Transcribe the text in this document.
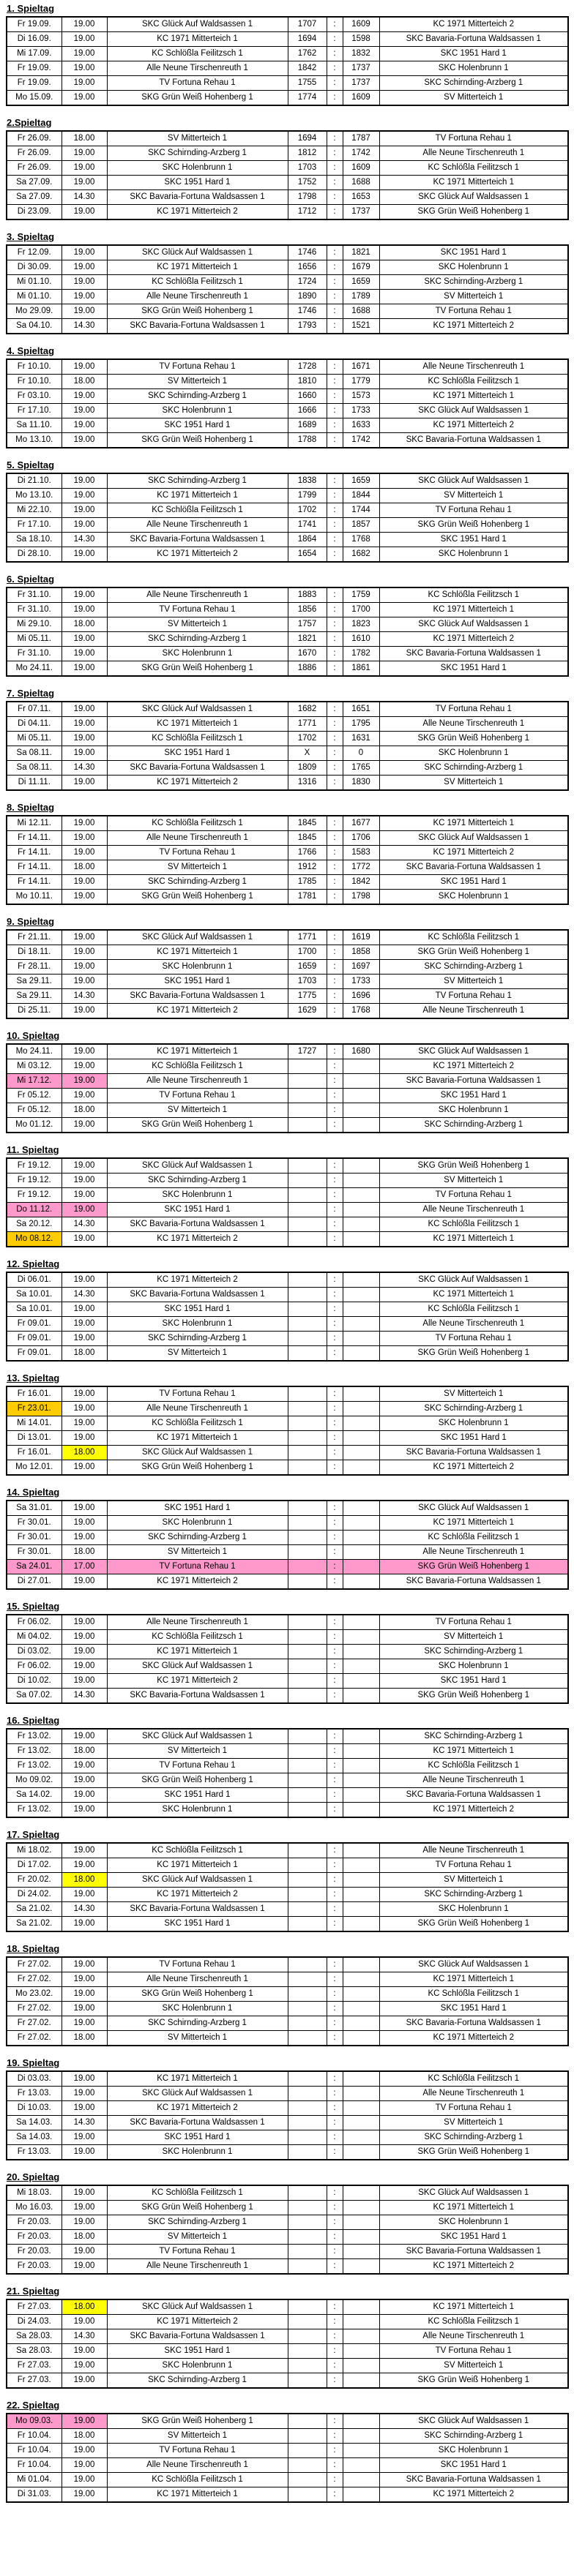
1. Spieltag
Fr 19.09.	19.00	SKC Glück Auf Waldsassen 1	1707	:	1609	KC 1971 Mitterteich 2
Di 16.09.	19.00	KC 1971 Mitterteich 1	1694	:	1598	SKC Bavaria-Fortuna Waldsassen 1
Mi 17.09.	19.00	KC Schlößla Feilitzsch 1	1762	:	1832	SKC 1951 Hard 1
Fr 19.09.	19.00	Alle Neune Tirschenreuth 1	1842	:	1737	SKC Holenbrunn 1
Fr 19.09.	19.00	TV Fortuna Rehau 1	1755	:	1737	SKC Schirnding-Arzberg 1
Mo 15.09.	19.00	SKG Grün Weiß Hohenberg 1	1774	:	1609	SV Mitterteich 1
2.Spieltag
Fr 26.09.	18.00	SV Mitterteich 1	1694	:	1787	TV Fortuna Rehau 1
Fr 26.09.	19.00	SKC Schirnding-Arzberg 1	1812	:	1742	Alle Neune Tirschenreuth 1
Fr 26.09.	19.00	SKC Holenbrunn 1	1703	:	1609	KC Schlößla Feilitzsch 1
Sa 27.09.	19.00	SKC 1951 Hard 1	1752	:	1688	KC 1971 Mitterteich 1
Sa 27.09.	14.30	SKC Bavaria-Fortuna Waldsassen 1	1798	:	1653	SKC Glück Auf Waldsassen 1
Di 23.09.	19.00	KC 1971 Mitterteich 2	1712	:	1737	SKG Grün Weiß Hohenberg 1
3. Spieltag
Fr 12.09.	19.00	SKC Glück Auf Waldsassen 1	1746	:	1821	SKC 1951 Hard 1
Di 30.09.	19.00	KC 1971 Mitterteich 1	1656	:	1679	SKC Holenbrunn 1
Mi 01.10.	19.00	KC Schlößla Feilitzsch 1	1724	:	1659	SKC Schirnding-Arzberg 1
Mi 01.10.	19.00	Alle Neune Tirschenreuth 1	1890	:	1789	SV Mitterteich 1
Mo 29.09.	19.00	SKG Grün Weiß Hohenberg 1	1746	:	1688	TV Fortuna Rehau 1
Sa 04.10.	14.30	SKC Bavaria-Fortuna Waldsassen 1	1793	:	1521	KC 1971 Mitterteich 2
4. Spieltag
Fr 10.10.	19.00	TV Fortuna Rehau 1	1728	:	1671	Alle Neune Tirschenreuth 1
Fr 10.10.	18.00	SV Mitterteich 1	1810	:	1779	KC Schlößla Feilitzsch 1
Fr 03.10.	19.00	SKC Schirnding-Arzberg 1	1660	:	1573	KC 1971 Mitterteich 1
Fr 17.10.	19.00	SKC Holenbrunn 1	1666	:	1733	SKC Glück Auf Waldsassen 1
Sa 11.10.	19.00	SKC 1951 Hard 1	1689	:	1633	KC 1971 Mitterteich 2
Mo 13.10.	19.00	SKG Grün Weiß Hohenberg 1	1788	:	1742	SKC Bavaria-Fortuna Waldsassen 1
5. Spieltag
Di 21.10.	19.00	SKC Schirnding-Arzberg 1	1838	:	1659	SKC Glück Auf Waldsassen 1
Mo 13.10.	19.00	KC 1971 Mitterteich 1	1799	:	1844	SV Mitterteich 1
Mi 22.10.	19.00	KC Schlößla Feilitzsch 1	1702	:	1744	TV Fortuna Rehau 1
Fr 17.10.	19.00	Alle Neune Tirschenreuth 1	1741	:	1857	SKG Grün Weiß Hohenberg 1
Sa 18.10.	14.30	SKC Bavaria-Fortuna Waldsassen 1	1864	:	1768	SKC 1951 Hard 1
Di 28.10.	19.00	KC 1971 Mitterteich 2	1654	:	1682	SKC Holenbrunn 1
6. Spieltag
Fr 31.10.	19.00	Alle Neune Tirschenreuth 1	1883	:	1759	KC Schlößla Feilitzsch 1
Fr 31.10.	19.00	TV Fortuna Rehau 1	1856	:	1700	KC 1971 Mitterteich 1
Mi 29.10.	18.00	SV Mitterteich 1	1757	:	1823	SKC Glück Auf Waldsassen 1
Mi 05.11.	19.00	SKC Schirnding-Arzberg 1	1821	:	1610	KC 1971 Mitterteich 2
Fr 31.10.	19.00	SKC Holenbrunn 1	1670	:	1782	SKC Bavaria-Fortuna Waldsassen 1
Mo 24.11.	19.00	SKG Grün Weiß Hohenberg 1	1886	:	1861	SKC 1951 Hard 1
7. Spieltag
Fr 07.11.	19.00	SKC Glück Auf Waldsassen 1	1682	:	1651	TV Fortuna Rehau 1
Di 04.11.	19.00	KC 1971 Mitterteich 1	1771	:	1795	Alle Neune Tirschenreuth 1
Mi 05.11.	19.00	KC Schlößla Feilitzsch 1	1702	:	1631	SKG Grün Weiß Hohenberg 1
Sa 08.11.	19.00	SKC 1951 Hard 1	X	:	0	SKC Holenbrunn 1
Sa 08.11.	14.30	SKC Bavaria-Fortuna Waldsassen 1	1809	:	1765	SKC Schirnding-Arzberg 1
Di 11.11.	19.00	KC 1971 Mitterteich 2	1316	:	1830	SV Mitterteich 1
8. Spieltag
Mi 12.11.	19.00	KC Schlößla Feilitzsch 1	1845	:	1677	KC 1971 Mitterteich 1
Fr 14.11.	19.00	Alle Neune Tirschenreuth 1	1845	:	1706	SKC Glück Auf Waldsassen 1
Fr 14.11.	19.00	TV Fortuna Rehau 1	1766	:	1583	KC 1971 Mitterteich 2
Fr 14.11.	18.00	SV Mitterteich 1	1912	:	1772	SKC Bavaria-Fortuna Waldsassen 1
Fr 14.11.	19.00	SKC Schirnding-Arzberg 1	1785	:	1842	SKC 1951 Hard 1
Mo 10.11.	19.00	SKG Grün Weiß Hohenberg 1	1781	:	1798	SKC Holenbrunn 1
9. Spieltag
Fr 21.11.	19.00	SKC Glück Auf Waldsassen 1	1771	:	1619	KC Schlößla Feilitzsch 1
Di 18.11.	19.00	KC 1971 Mitterteich 1	1700	:	1858	SKG Grün Weiß Hohenberg 1
Fr 28.11.	19.00	SKC Holenbrunn 1	1659	:	1697	SKC Schirnding-Arzberg 1
Sa 29.11.	19.00	SKC 1951 Hard 1	1703	:	1733	SV Mitterteich 1
Sa 29.11.	14.30	SKC Bavaria-Fortuna Waldsassen 1	1775	:	1696	TV Fortuna Rehau 1
Di 25.11.	19.00	KC 1971 Mitterteich 2	1629	:	1768	Alle Neune Tirschenreuth 1
10. Spieltag
Mo 24.11.	19.00	KC 1971 Mitterteich 1	1727	:	1680	SKC Glück Auf Waldsassen 1
Mi 03.12.	19.00	KC Schlößla Feilitzsch 1		:		KC 1971 Mitterteich 2
Mi 17.12.	19.00	Alle Neune Tirschenreuth 1		:		SKC Bavaria-Fortuna Waldsassen 1
Fr 05.12.	19.00	TV Fortuna Rehau 1		:		SKC 1951 Hard 1
Fr 05.12.	18.00	SV Mitterteich 1		:		SKC Holenbrunn 1
Mo 01.12.	19.00	SKG Grün Weiß Hohenberg 1		:		SKC Schirnding-Arzberg 1
11. Spieltag
Fr 19.12.	19.00	SKC Glück Auf Waldsassen 1		:		SKG Grün Weiß Hohenberg 1
Fr 19.12.	19.00	SKC Schirnding-Arzberg 1		:		SV Mitterteich 1
Fr 19.12.	19.00	SKC Holenbrunn 1		:		TV Fortuna Rehau 1
Do 11.12.	19.00	SKC 1951 Hard 1		:		Alle Neune Tirschenreuth 1
Sa 20.12.	14.30	SKC Bavaria-Fortuna Waldsassen 1		:		KC Schlößla Feilitzsch 1
Mo 08.12.	19.00	KC 1971 Mitterteich 2		:		KC 1971 Mitterteich 1
12. Spieltag
Di 06.01.	19.00	KC 1971 Mitterteich 2		:		SKC Glück Auf Waldsassen 1
Sa 10.01.	14.30	SKC Bavaria-Fortuna Waldsassen 1		:		KC 1971 Mitterteich 1
Sa 10.01.	19.00	SKC 1951 Hard 1		:		KC Schlößla Feilitzsch 1
Fr 09.01.	19.00	SKC Holenbrunn 1		:		Alle Neune Tirschenreuth 1
Fr 09.01.	19.00	SKC Schirnding-Arzberg 1		:		TV Fortuna Rehau 1
Fr 09.01.	18.00	SV Mitterteich 1		:		SKG Grün Weiß Hohenberg 1
13. Spieltag
Fr 16.01.	19.00	TV Fortuna Rehau 1		:		SV Mitterteich 1
Fr 23.01.	19.00	Alle Neune Tirschenreuth 1		:		SKC Schirnding-Arzberg 1
Mi 14.01.	19.00	KC Schlößla Feilitzsch 1		:		SKC Holenbrunn 1
Di 13.01.	19.00	KC 1971 Mitterteich 1		:		SKC 1951 Hard 1
Fr 16.01.	18.00	SKC Glück Auf Waldsassen 1		:		SKC Bavaria-Fortuna Waldsassen 1
Mo 12.01.	19.00	SKG Grün Weiß Hohenberg 1		:		KC 1971 Mitterteich 2
14. Spieltag
Sa 31.01.	19.00	SKC 1951 Hard 1		:		SKC Glück Auf Waldsassen 1
Fr 30.01.	19.00	SKC Holenbrunn 1		:		KC 1971 Mitterteich 1
Fr 30.01.	19.00	SKC Schirnding-Arzberg 1		:		KC Schlößla Feilitzsch 1
Fr 30.01.	18.00	SV Mitterteich 1		:		Alle Neune Tirschenreuth 1
Sa 24.01.	17.00	TV Fortuna Rehau 1		:		SKG Grün Weiß Hohenberg 1
Di 27.01.	19.00	KC 1971 Mitterteich 2		:		SKC Bavaria-Fortuna Waldsassen 1
15. Spieltag
Fr 06.02.	19.00	Alle Neune Tirschenreuth 1		:		TV Fortuna Rehau 1
Mi 04.02.	19.00	KC Schlößla Feilitzsch 1		:		SV Mitterteich 1
Di 03.02.	19.00	KC 1971 Mitterteich 1		:		SKC Schirnding-Arzberg 1
Fr 06.02.	19.00	SKC Glück Auf Waldsassen 1		:		SKC Holenbrunn 1
Di 10.02.	19.00	KC 1971 Mitterteich 2		:		SKC 1951 Hard 1
Sa 07.02.	14.30	SKC Bavaria-Fortuna Waldsassen 1		:		SKG Grün Weiß Hohenberg 1
16. Spieltag
Fr 13.02.	19.00	SKC Glück Auf Waldsassen 1		:		SKC Schirnding-Arzberg 1
Fr 13.02.	18.00	SV Mitterteich 1		:		KC 1971 Mitterteich 1
Fr 13.02.	19.00	TV Fortuna Rehau 1		:		KC Schlößla Feilitzsch 1
Mo 09.02.	19.00	SKG Grün Weiß Hohenberg 1		:		Alle Neune Tirschenreuth 1
Sa 14.02.	19.00	SKC 1951 Hard 1		:		SKC Bavaria-Fortuna Waldsassen 1
Fr 13.02.	19.00	SKC Holenbrunn 1		:		KC 1971 Mitterteich 2
17. Spieltag
Mi 18.02.	19.00	KC Schlößla Feilitzsch 1		:		Alle Neune Tirschenreuth 1
Di 17.02.	19.00	KC 1971 Mitterteich 1		:		TV Fortuna Rehau 1
Fr 20.02.	18.00	SKC Glück Auf Waldsassen 1		:		SV Mitterteich 1
Di 24.02.	19.00	KC 1971 Mitterteich 2		:		SKC Schirnding-Arzberg 1
Sa 21.02.	14.30	SKC Bavaria-Fortuna Waldsassen 1		:		SKC Holenbrunn 1
Sa 21.02.	19.00	SKC 1951 Hard 1		:		SKG Grün Weiß Hohenberg 1
18. Spieltag
Fr 27.02.	19.00	TV Fortuna Rehau 1		:		SKC Glück Auf Waldsassen 1
Fr 27.02.	19.00	Alle Neune Tirschenreuth 1		:		KC 1971 Mitterteich 1
Mo 23.02.	19.00	SKG Grün Weiß Hohenberg 1		:		KC Schlößla Feilitzsch 1
Fr 27.02.	19.00	SKC Holenbrunn 1		:		SKC 1951 Hard 1
Fr 27.02.	19.00	SKC Schirnding-Arzberg 1		:		SKC Bavaria-Fortuna Waldsassen 1
Fr 27.02.	18.00	SV Mitterteich 1		:		KC 1971 Mitterteich 2
19. Spieltag
Di 03.03.	19.00	KC 1971 Mitterteich 1		:		KC Schlößla Feilitzsch 1
Fr 13.03.	19.00	SKC Glück Auf Waldsassen 1		:		Alle Neune Tirschenreuth 1
Di 10.03.	19.00	KC 1971 Mitterteich 2		:		TV Fortuna Rehau 1
Sa 14.03.	14.30	SKC Bavaria-Fortuna Waldsassen 1		:		SV Mitterteich 1
Sa 14.03.	19.00	SKC 1951 Hard 1		:		SKC Schirnding-Arzberg 1
Fr 13.03.	19.00	SKC Holenbrunn 1		:		SKG Grün Weiß Hohenberg 1
20. Spieltag
Mi 18.03.	19.00	KC Schlößla Feilitzsch 1		:		SKC Glück Auf Waldsassen 1
Mo 16.03.	19.00	SKG Grün Weiß Hohenberg 1		:		KC 1971 Mitterteich 1
Fr 20.03.	19.00	SKC Schirnding-Arzberg 1		:		SKC Holenbrunn 1
Fr 20.03.	18.00	SV Mitterteich 1		:		SKC 1951 Hard 1
Fr 20.03.	19.00	TV Fortuna Rehau 1		:		SKC Bavaria-Fortuna Waldsassen 1
Fr 20.03.	19.00	Alle Neune Tirschenreuth 1		:		KC 1971 Mitterteich 2
21. Spieltag
Fr 27.03.	18.00	SKC Glück Auf Waldsassen 1		:		KC 1971 Mitterteich 1
Di 24.03.	19.00	KC 1971 Mitterteich 2		:		KC Schlößla Feilitzsch 1
Sa 28.03.	14.30	SKC Bavaria-Fortuna Waldsassen 1		:		Alle Neune Tirschenreuth 1
Sa 28.03.	19.00	SKC 1951 Hard 1		:		TV Fortuna Rehau 1
Fr 27.03.	19.00	SKC Holenbrunn 1		:		SV Mitterteich 1
Fr 27.03.	19.00	SKC Schirnding-Arzberg 1		:		SKG Grün Weiß Hohenberg 1
22. Spieltag
Mo 09.03.	19.00	SKG Grün Weiß Hohenberg 1		:		SKC Glück Auf Waldsassen 1
Fr 10.04.	18.00	SV Mitterteich 1		:		SKC Schirnding-Arzberg 1
Fr 10.04.	19.00	TV Fortuna Rehau 1		:		SKC Holenbrunn 1
Fr 10.04.	19.00	Alle Neune Tirschenreuth 1		:		SKC 1951 Hard 1
Mi 01.04.	19.00	KC Schlößla Feilitzsch 1		:		SKC Bavaria-Fortuna Waldsassen 1
Di 31.03.	19.00	KC 1971 Mitterteich 1		:		KC 1971 Mitterteich 2
